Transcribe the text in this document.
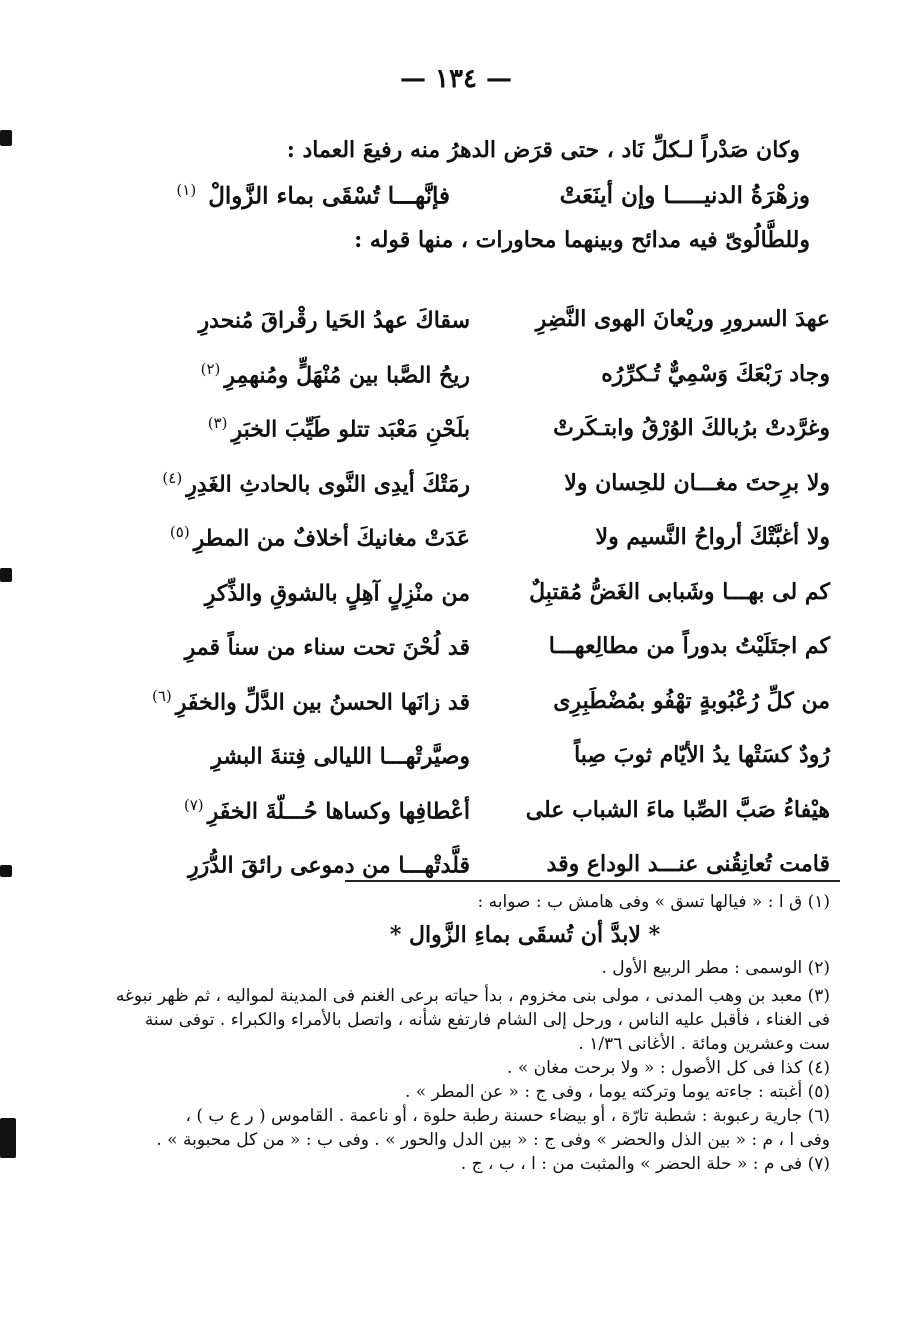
— ١٣٤ —

وكان صَدْراً لـكلِّ نَاد ، حتى قرَض الدهرُ منه رفيعَ العماد :

وزهْرَةُ الدنيـــــا وإن أينَعَتْ
فإنَّهـــا تُسْقَى بماء الزَّوالْ $^{(١)}$

وللطَّالُوىّ فيه مدائح وبينهما محاورات ، منها قوله :

عهدَ السرورِ وريْعانَ الهوى النَّضِرِ
سقاكَ عهدُ الحَيا رقْراقَ مُنحدرِ
وجاد رَبْعَكَ وَسْمِيٌّ تُـكرِّرُه
ريحُ الصَّبا بين مُنْهَلٍّ ومُنهمِرِ$^{(٢)}$
وغرَّدتْ برُبالكَ الوُرْقُ وابتـكَرتْ
بلَحْنِ مَعْبَد تتلو طَيِّبَ الخبَرِ$^{(٣)}$
ولا برِحتَ مغـــان للحِسان ولا
رمَتْكَ أيدِى النَّوى بالحادثِ الغَدِرِ$^{(٤)}$
ولا أغبَّتْكَ أرواحُ النَّسيم ولا
عَدَتْ مغانيكَ أخلافٌ من المطرِ$^{(٥)}$
كم لى بهـــا وشَبابى الغَضُّ مُقتبِلٌ
من منْزِلٍ آهِلٍ بالشوقِ والذِّكرِ
كم اجتَلَيْتُ بدوراً من مطالِعهـــا
قد لُحْنَ تحت سناء من سناً قمرِ
من كلِّ رُعْبُوبةٍ تهْفُو بمُضْطَبِرِى
قد زانَها الحسنُ بين الدَّلِّ والخفَرِ$^{(٦)}$
رُودٌ كسَتْها يدُ الأيّام ثوبَ صِباً
وصيَّرتْهـــا الليالى فِتنةَ البشرِ
هيْفاءُ صَبَّ الصِّبا ماءَ الشباب على
أعْطافِها وكساها حُـــلّةَ الخفَرِ$^{(٧)}$
قامت تُعانِقُنى عنـــد الوداع وقد
قلَّدتْهـــا من دموعى رائقَ الدُّرَرِ

(١) ق ا : « فيالها تسق » وفى هامش ب : صوابه :

* لابدَّ أن تُسقَى بماءِ الزَّوال *

(٢) الوسمى : مطر الربيع الأول .

(٣) معبد بن وهب المدنى ، مولى بنى مخزوم ، بدأ حياته برعى الغنم فى المدينة لمواليه ، ثم ظهر نبوغه

فى الغناء ، فأقبل عليه الناس ، ورحل إلى الشام فارتفع شأنه ، واتصل بالأمراء والكبراء . توفى سنة

ست وعشرين ومائة . الأغانى ١/٣٦ .

(٤) كذا فى كل الأصول : « ولا برحت مغان » .

(٥) أغبته : جاءته يوما وتركته يوما ، وفى ج : « عن المطر » .

(٦) جارية رعبوبة : شطبة تارّة ، أو بيضاء حسنة رطبة حلوة ، أو ناعمة . القاموس ( ر ع ب ) ،

وفى ا ، م : « بين الذل والحضر » وفى ج : « بين الدل والحور » . وفى ب : « من كل محبوبة » .

(٧) فى م : « حلة الحضر » والمثبت من : ا ، ب ، ج .
